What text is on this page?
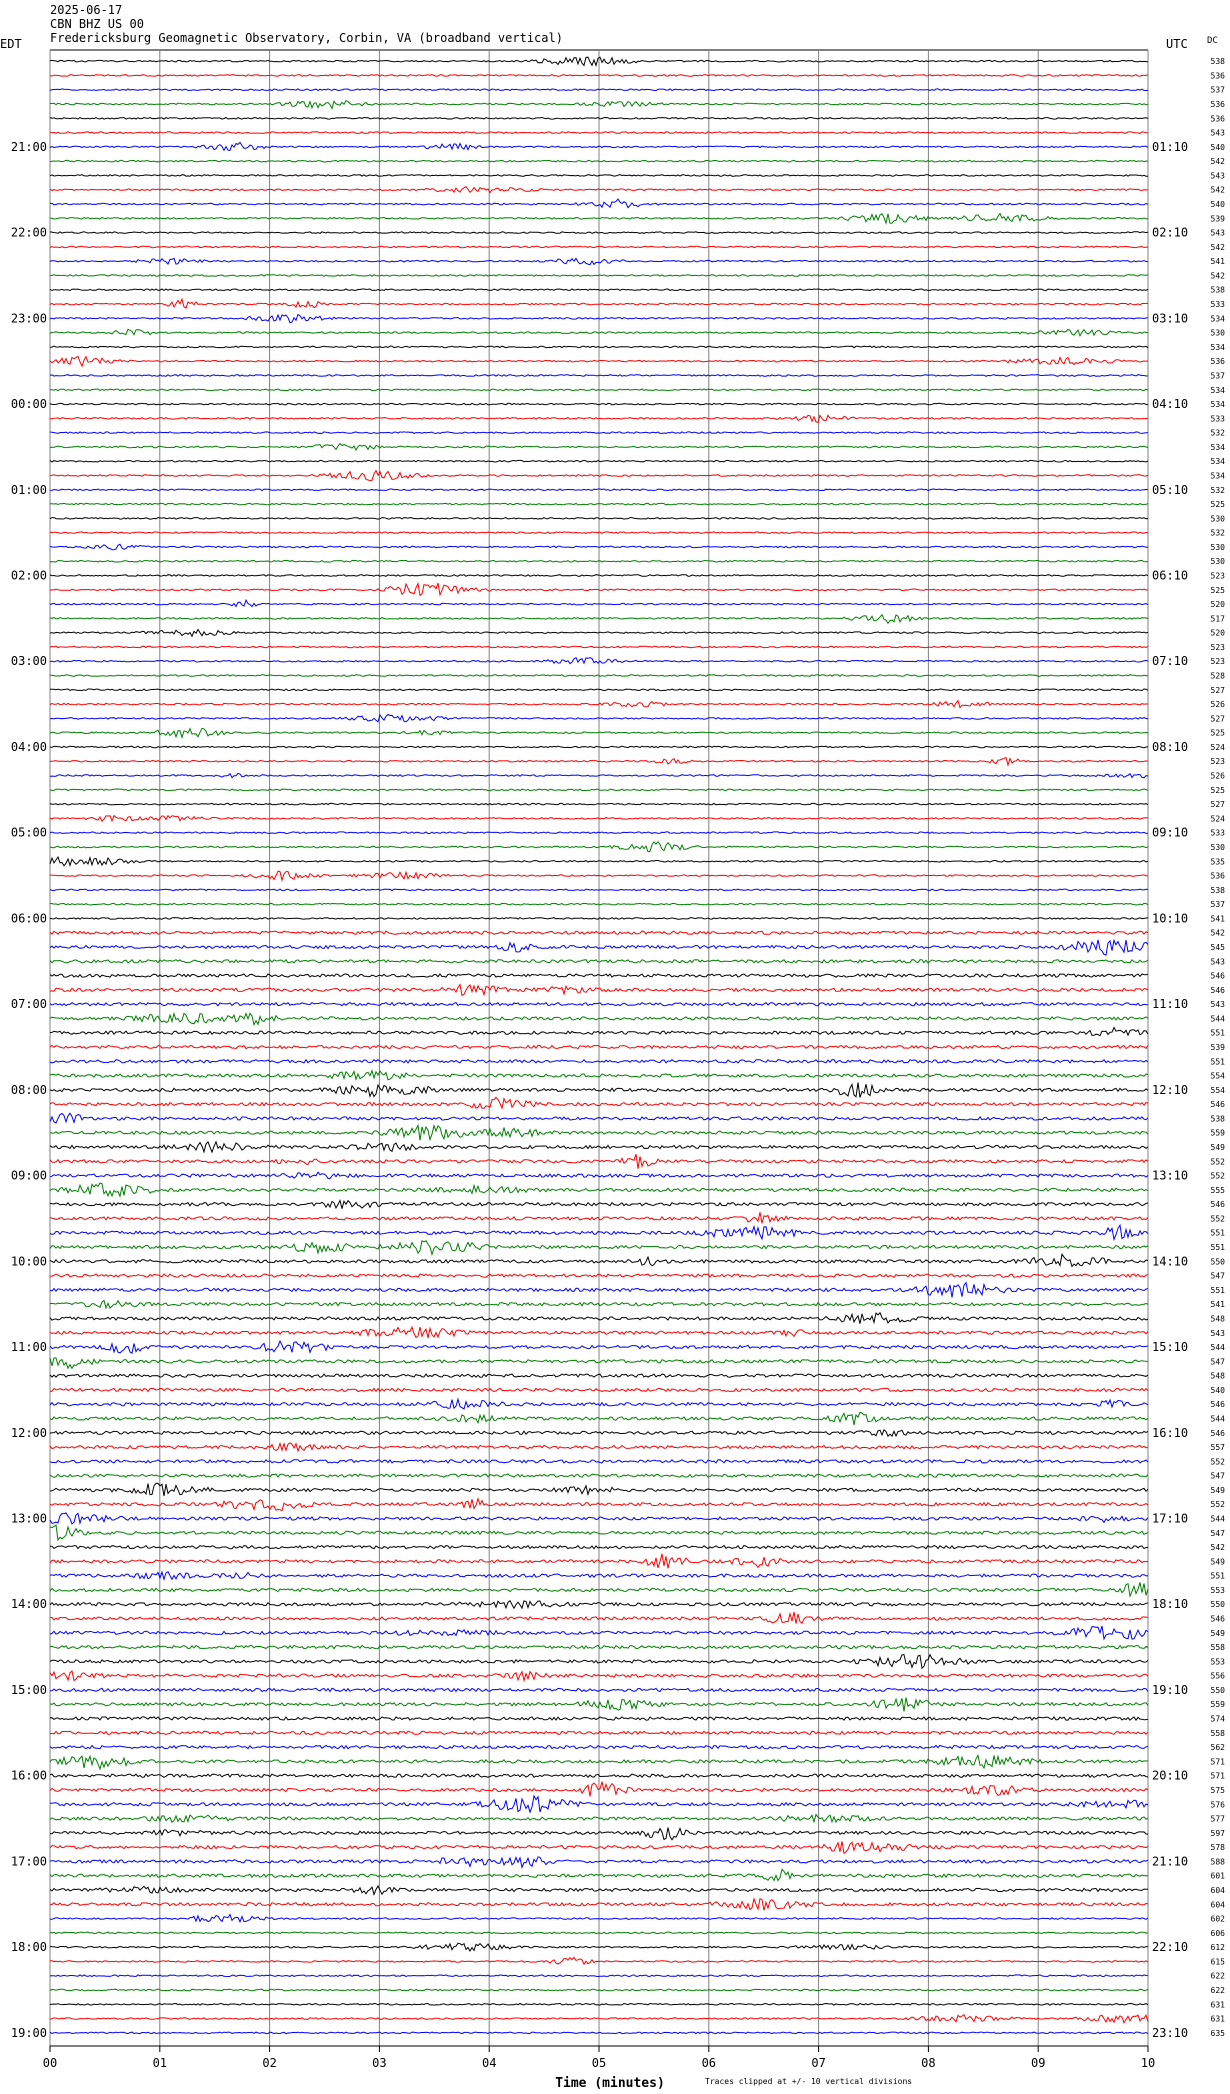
2025-06-17
CBN BHZ US 00
Fredericksburg Geomagnetic Observatory, Corbin, VA (broadband vertical)
EDT	UTC DC
538
536
537
536
536
543
540
542
543
542
540
539
543
542
541
542
538
533
534
530
534
536
537
534
534
533
532
534
534
534
532
525
530
532
530
530
523
525
520
517
520
523
523
528
527
526
527
525
524
523
526
525
527
524
533
530
535
536
538
537
541
542
545
543
546
546
543
544
551
539
551
554
554
546
538
559
549
552
552
555
546
552
551
551
550
547
551
541
548
543
544
547
548
540
546
544
546
557
552
547
549
552
544
547
542
549
551
553
550
546
549
558
553
556
550
559
574
558
562
571
571
575
576
577
597
578
588
601
604
604
602
606
612
615
622
622
631
631
635
21:00
22:00
23:00
00:00
01:00
02:00
03:00
04:00
05:00
06:00
07:00
08:00
09:00
10:00
11:00
12:00
13:00
14:00
15:00
16:00
17:00
18:00
19:00
01:10
02:10
03:10
04:10
05:10
06:10
07:10
08:10
09:10
10:10
11:10
12:10
13:10
14:10
15:10
16:10
17:10
18:10
19:10
20:10
21:10
22:10
23:10
00	01	02	03	04	05	06	07	08	09	10
Time (minutes)	Traces clipped at +/- 10 vertical divisions
